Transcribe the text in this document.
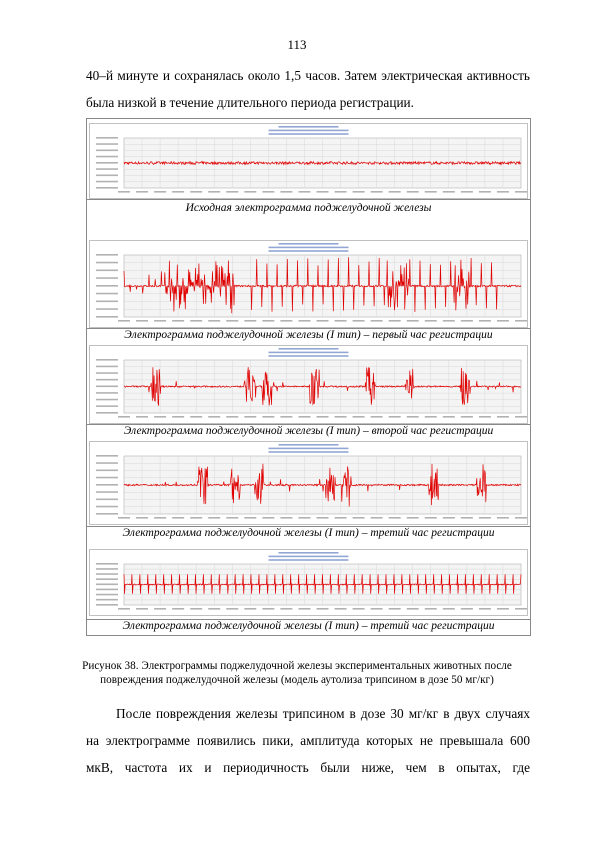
113
40–й минуте и сохранялась около 1,5 часов. Затем электрическая активность
была низкой в течение длительного периода регистрации.
Исходная электрограмма поджелудочной железы
Электрограмма поджелудочной железы (I тип) – первый час регистрации
Электрограмма поджелудочной железы (I тип) – второй час регистрации
Электрограмма поджелудочной железы (I тип) – третий час регистрации
Электрограмма поджелудочной железы (I тип) – третий час регистрации
Рисунок 38. Электрограммы поджелудочной железы экспериментальных животных после
повреждения поджелудочной железы (модель аутолиза трипсином в дозе 50 мг/кг)
После повреждения железы трипсином в дозе 30 мг/кг в двух случаях
на электрограмме появились пики, амплитуда которых не превышала 600
мкВ, частота их и периодичность были ниже, чем в опытах, где
